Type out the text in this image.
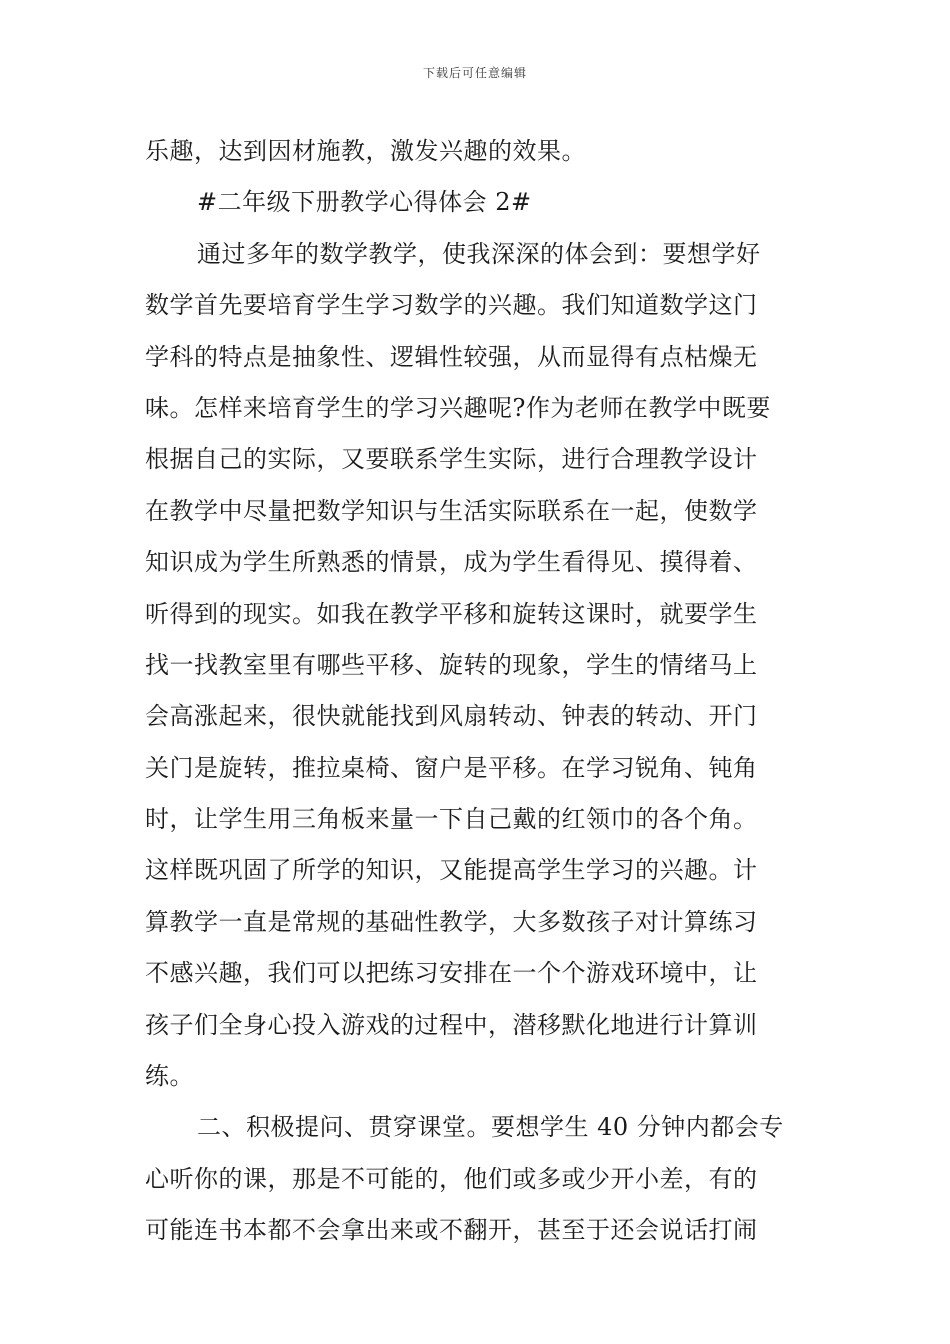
下载后可任意编辑
乐趣，达到因材施教，激发兴趣的效果。
#二年级下册教学心得体会 2#
通过多年的数学教学，使我深深的体会到：要想学好
数学首先要培育学生学习数学的兴趣。我们知道数学这门
学科的特点是抽象性、逻辑性较强，从而显得有点枯燥无
味。怎样来培育学生的学习兴趣呢?作为老师在教学中既要
根据自己的实际，又要联系学生实际，进行合理教学设计
在教学中尽量把数学知识与生活实际联系在一起，使数学
知识成为学生所熟悉的情景，成为学生看得见、摸得着、
听得到的现实。如我在教学平移和旋转这课时，就要学生
找一找教室里有哪些平移、旋转的现象，学生的情绪马上
会高涨起来，很快就能找到风扇转动、钟表的转动、开门
关门是旋转，推拉桌椅、窗户是平移。在学习锐角、钝角
时，让学生用三角板来量一下自己戴的红领巾的各个角。
这样既巩固了所学的知识，又能提高学生学习的兴趣。计
算教学一直是常规的基础性教学，大多数孩子对计算练习
不感兴趣，我们可以把练习安排在一个个游戏环境中，让
孩子们全身心投入游戏的过程中，潜移默化地进行计算训
练。
二、积极提问、贯穿课堂。要想学生 40 分钟内都会专
心听你的课，那是不可能的，他们或多或少开小差，有的
可能连书本都不会拿出来或不翻开，甚至于还会说话打闹
